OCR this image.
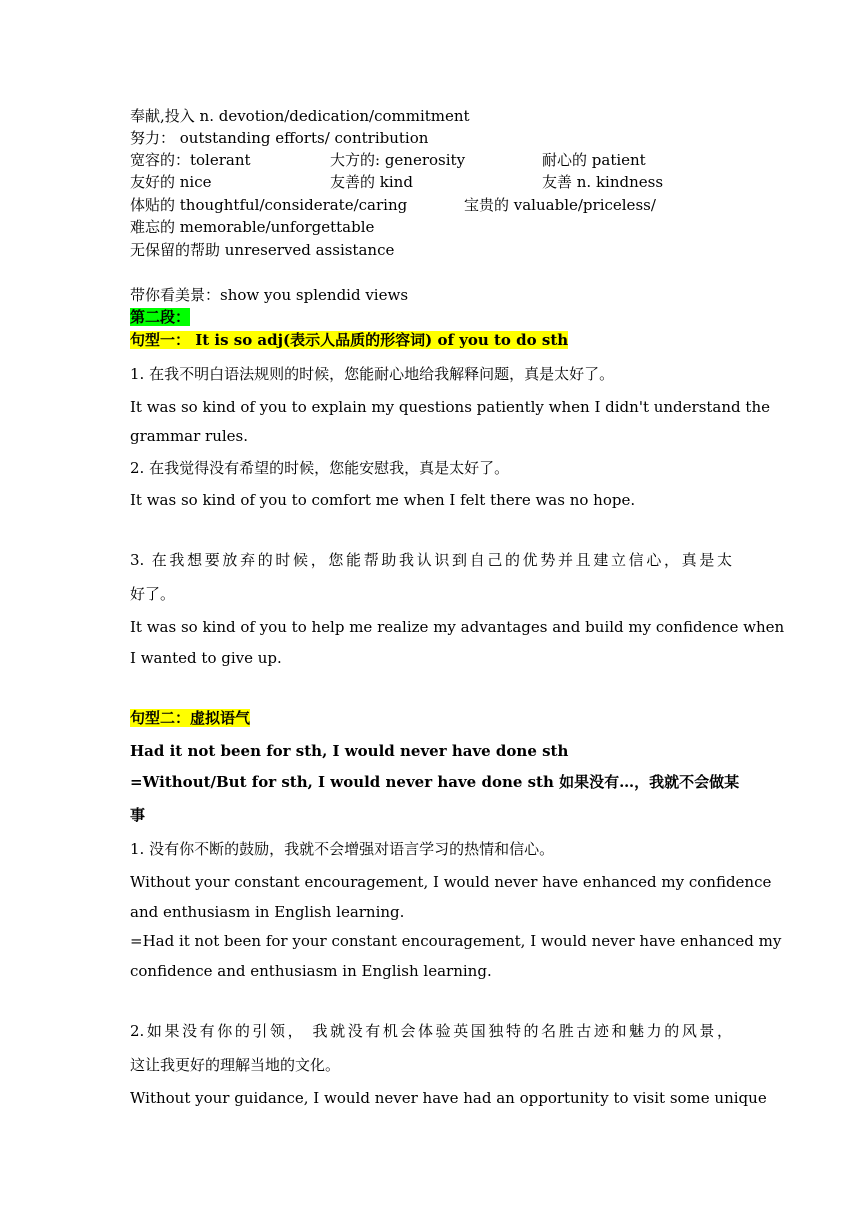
奉献,投入 n. devotion/dedication/commitment
努力： outstanding efforts/ contribution
宽容的：tolerant	大方的: generosity	耐心的 patient
友好的 nice	友善的 kind	友善 n. kindness
体贴的 thoughtful/considerate/caring	宝贵的 valuable/priceless/
难忘的 memorable/unforgettable
无保留的帮助 unreserved assistance
带你看美景：show you splendid views
第二段：
句型一： It is so adj(表示人品质的形容词) of you to do sth
1. 在我不明白语法规则的时候，您能耐心地给我解释问题，真是太好了。
It was so kind of you to explain my questions patiently when I didn't understand the
grammar rules.
2. 在我觉得没有希望的时候，您能安慰我，真是太好了。
It was so kind of you to comfort me when I felt there was no hope.
3. 在我想要放弃的时候，您能帮助我认识到自己的优势并且建立信心，真是太
好了。
It was so kind of you to help me realize my advantages and build my confidence when
I wanted to give up.
句型二：虚拟语气
Had it not been for sth, I would never have done sth
=Without/But for sth, I would never have done sth 如果没有…，我就不会做某
事
1. 没有你不断的鼓励，我就不会增强对语言学习的热情和信心。
Without your constant encouragement, I would never have enhanced my confidence
and enthusiasm in English learning.
=Had it not been for your constant encouragement, I would never have enhanced my
confidence and enthusiasm in English learning.
2.如果没有你的引领， 我就没有机会体验英国独特的名胜古迹和魅力的风景，
这让我更好的理解当地的文化。
Without your guidance, I would never have had an opportunity to visit some unique
